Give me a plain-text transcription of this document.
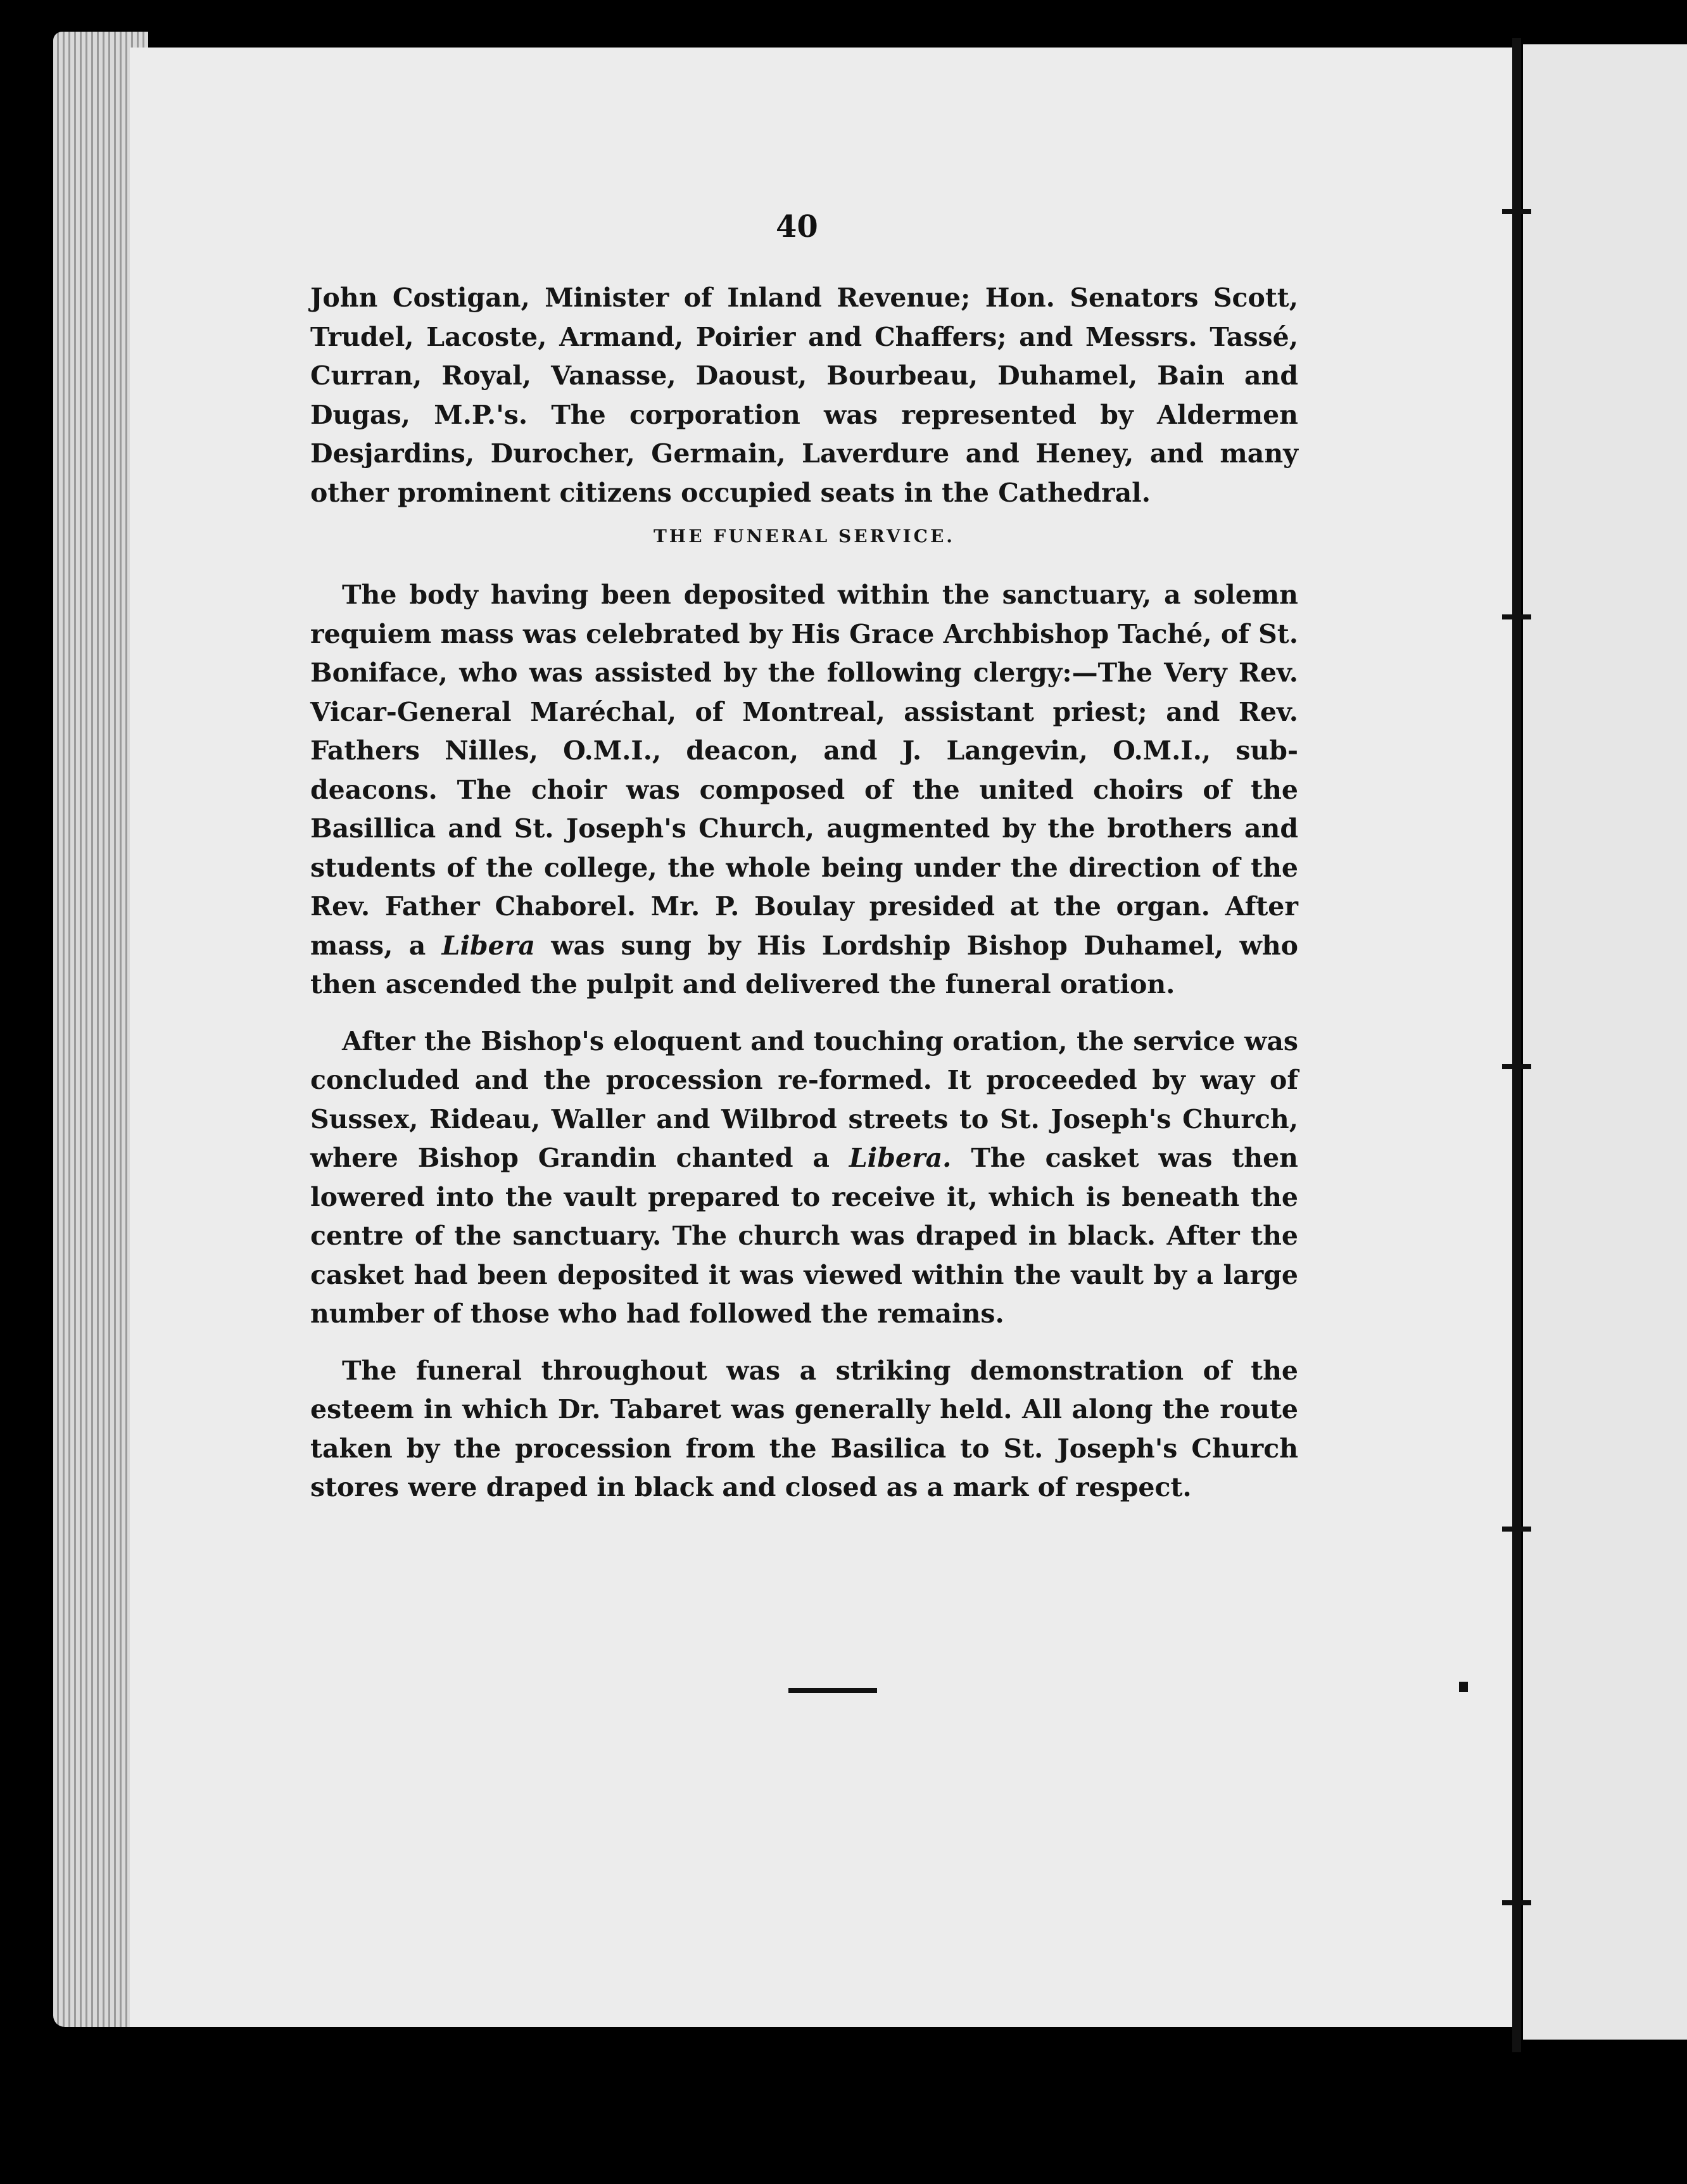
40

John Costigan, Minister of Inland Revenue; Hon. Senators Scott, Trudel, Lacoste, Armand, Poirier and Chaffers; and Messrs. Tassé, Curran, Royal, Vanasse, Daoust, Bourbeau, Duhamel, Bain and Dugas, M.P.'s. The corporation was represented by Aldermen Desjardins, Durocher, Germain, Laverdure and Heney, and many other prominent citizens occupied seats in the Cathedral.

THE FUNERAL SERVICE.

The body having been deposited within the sanctuary, a solemn requiem mass was celebrated by His Grace Archbishop Taché, of St. Boniface, who was assisted by the following clergy:—The Very Rev. Vicar-General Maréchal, of Montreal, assistant priest; and Rev. Fathers Nilles, O.M.I., deacon, and J. Langevin, O.M.I., sub-deacons. The choir was composed of the united choirs of the Basillica and St. Joseph's Church, augmented by the brothers and students of the college, the whole being under the direction of the Rev. Father Chaborel. Mr. P. Boulay presided at the organ. After mass, a Libera was sung by His Lordship Bishop Duhamel, who then ascended the pulpit and delivered the funeral oration.

After the Bishop's eloquent and touching oration, the service was concluded and the procession re-formed. It proceeded by way of Sussex, Rideau, Waller and Wilbrod streets to St. Joseph's Church, where Bishop Grandin chanted a Libera. The casket was then lowered into the vault prepared to receive it, which is beneath the centre of the sanctuary. The church was draped in black. After the casket had been deposited it was viewed within the vault by a large number of those who had followed the remains.

The funeral throughout was a striking demonstration of the esteem in which Dr. Tabaret was generally held. All along the route taken by the procession from the Basilica to St. Joseph's Church stores were draped in black and closed as a mark of respect.
